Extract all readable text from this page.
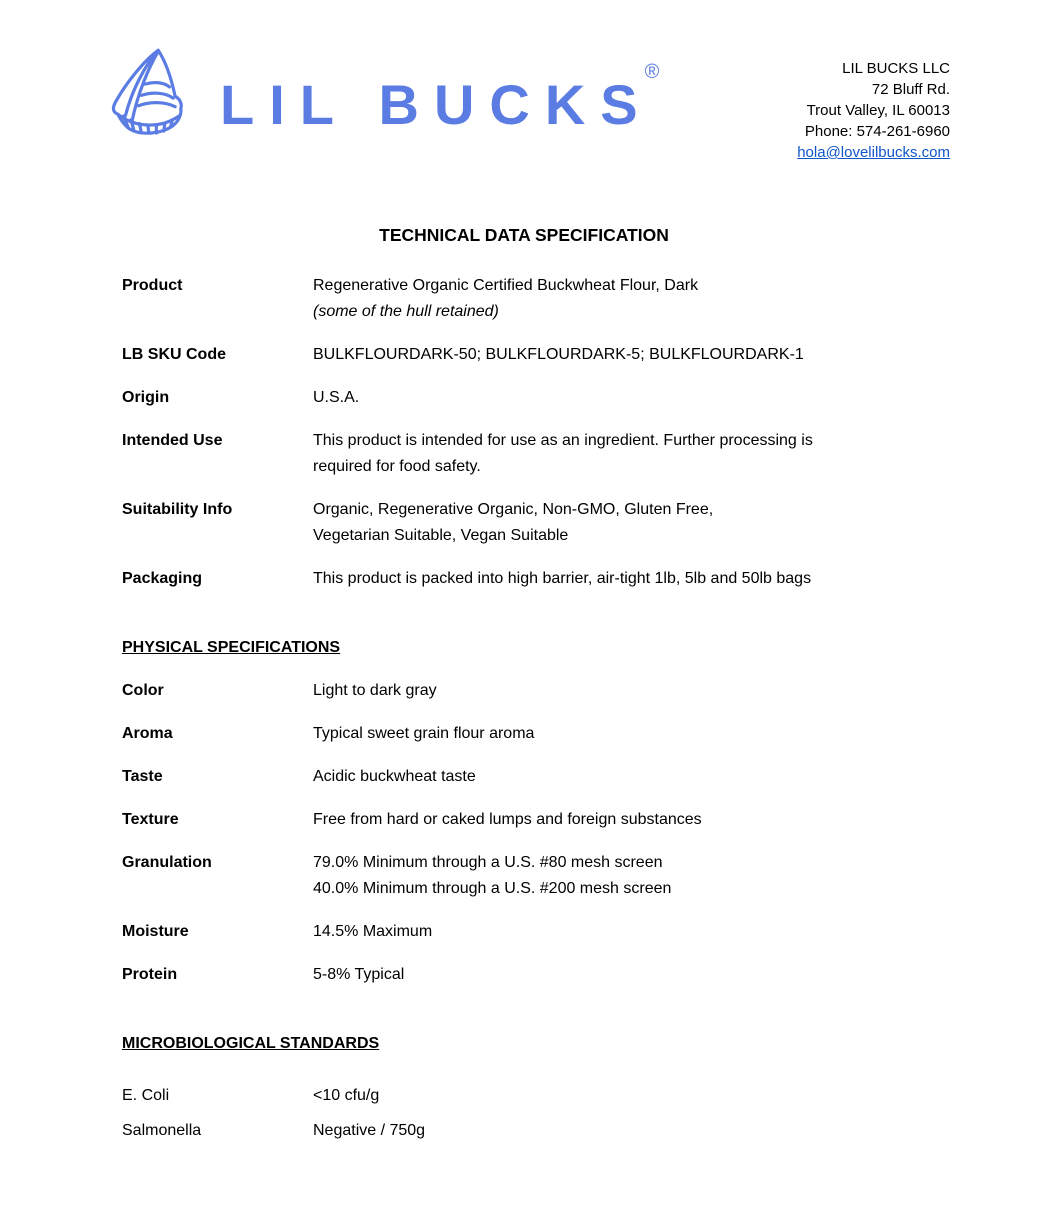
LIL BUCKS
®	LIL BUCKS LLC
72 Bluff Rd.
Trout Valley, IL 60013
Phone: 574-261-6960
hola@lovelilbucks.com
TECHNICAL DATA SPECIFICATION
Product	Regenerative Organic Certified Buckwheat Flour, Dark
(some of the hull retained)
LB SKU Code	BULKFLOURDARK-50; BULKFLOURDARK-5; BULKFLOURDARK-1
Origin	U.S.A.
Intended Use	This product is intended for use as an ingredient. Further processing is
required for food safety.
Suitability Info	Organic, Regenerative Organic, Non-GMO, Gluten Free,
Vegetarian Suitable, Vegan Suitable
Packaging	This product is packed into high barrier, air-tight 1lb, 5lb and 50lb bags
PHYSICAL SPECIFICATIONS
Color	Light to dark gray
Aroma	Typical sweet grain flour aroma
Taste	Acidic buckwheat taste
Texture	Free from hard or caked lumps and foreign substances
Granulation	79.0% Minimum through a U.S. #80 mesh screen
40.0% Minimum through a U.S. #200 mesh screen
Moisture	14.5% Maximum
Protein	5-8% Typical
MICROBIOLOGICAL STANDARDS
E. Coli	<10 cfu/g
Salmonella	Negative / 750g
